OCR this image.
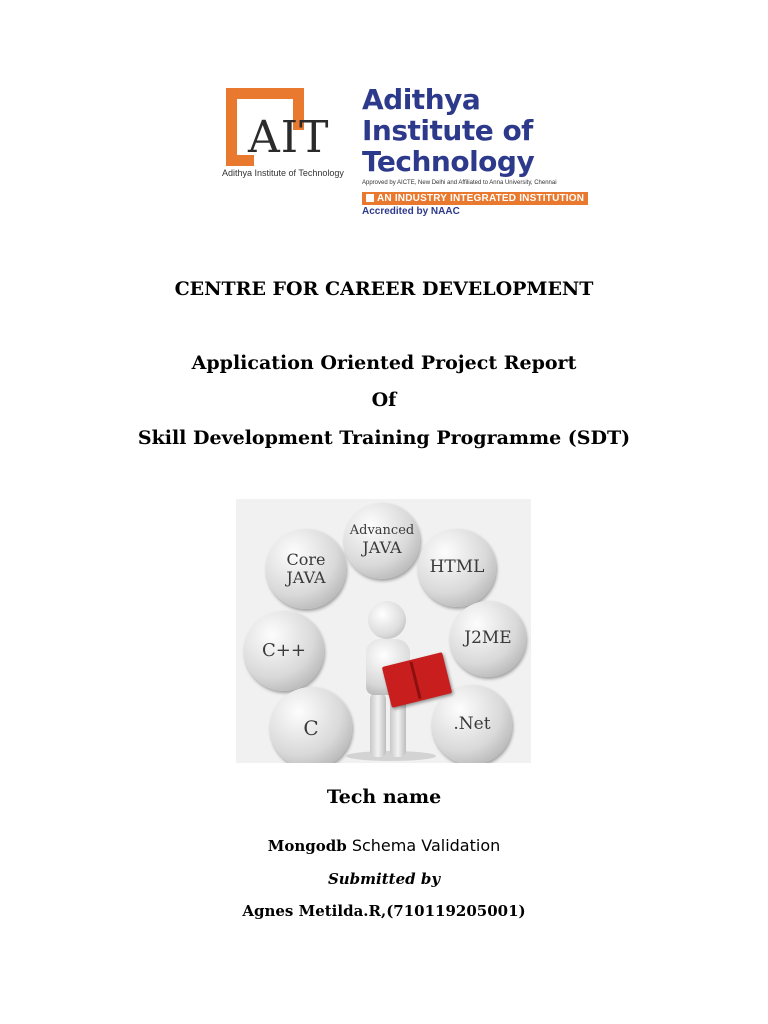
AIT
Adithya Institute of Technology
Adithya
Institute of
Technology
Approved by AICTE, New Delhi and Affiliated to Anna University, Chennai
AN INDUSTRY INTEGRATED INSTITUTION
Accredited by NAAC
CENTRE FOR CAREER DEVELOPMENT
Application Oriented Project Report
Of
Skill Development Training Programme (SDT)
Core
JAVA
Advanced
JAVA
HTML
C++
J2ME
C	.Net
Tech name
Mongodb Schema Validation
Submitted by
Agnes Metilda.R,(710119205001)
